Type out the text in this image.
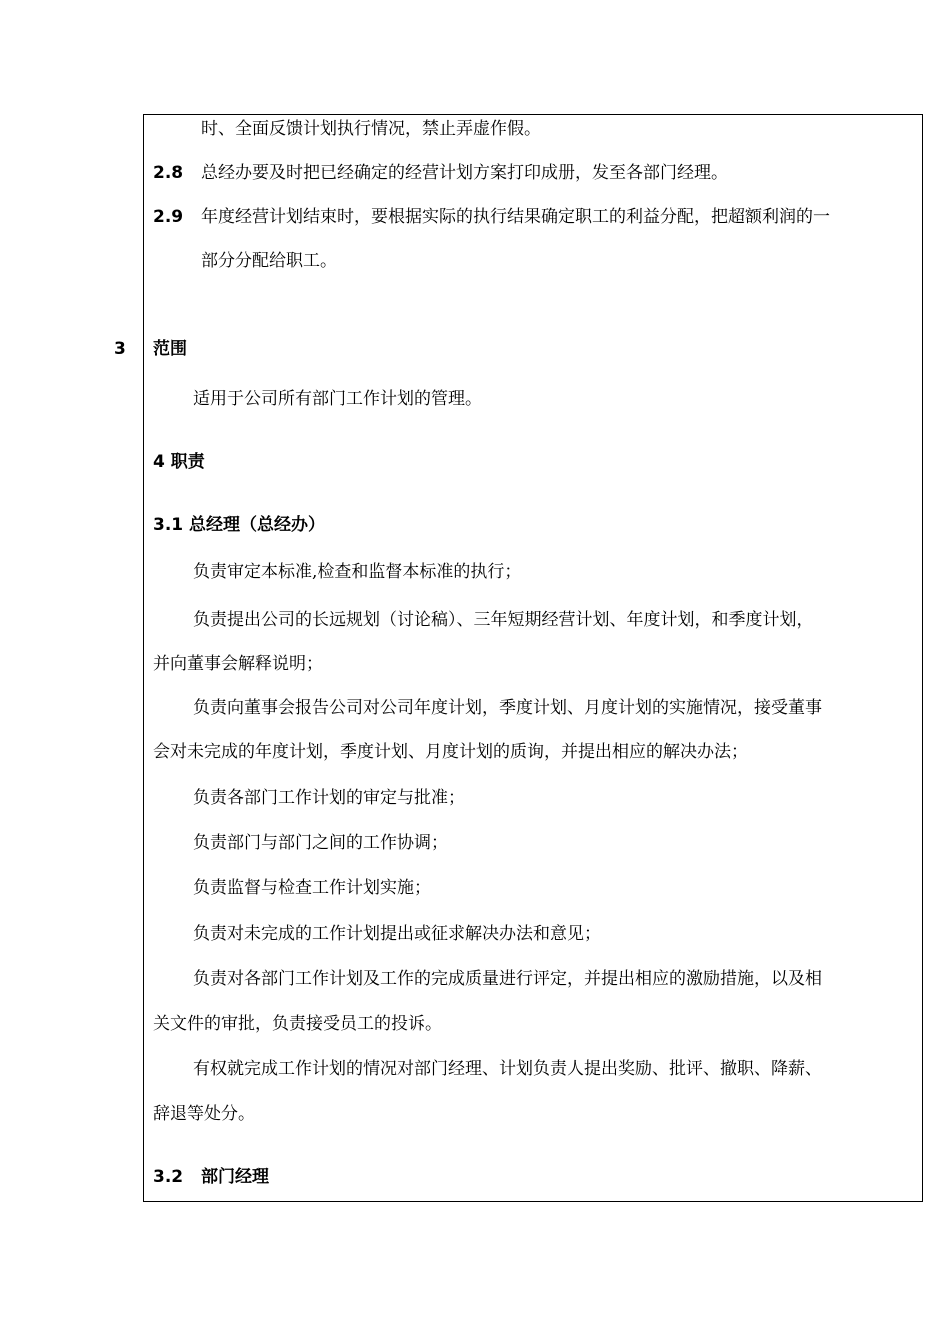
时、全面反馈计划执行情况，禁止弄虚作假。
2.8 总经办要及时把已经确定的经营计划方案打印成册，发至各部门经理。
2.9 年度经营计划结束时，要根据实际的执行结果确定职工的利益分配，把超额利润的一
部分分配给职工。
3 范围
适用于公司所有部门工作计划的管理。
4 职责
3.1 总经理（总经办）
负责审定本标准,检查和监督本标准的执行；
负责提出公司的长远规划（讨论稿）、三年短期经营计划、年度计划，和季度计划，
并向董事会解释说明；
负责向董事会报告公司对公司年度计划，季度计划、月度计划的实施情况，接受董事
会对未完成的年度计划，季度计划、月度计划的质询，并提出相应的解决办法；
负责各部门工作计划的审定与批准；
负责部门与部门之间的工作协调；
负责监督与检查工作计划实施；
负责对未完成的工作计划提出或征求解决办法和意见；
负责对各部门工作计划及工作的完成质量进行评定，并提出相应的激励措施，以及相
关文件的审批，负责接受员工的投诉。
有权就完成工作计划的情况对部门经理、计划负责人提出奖励、批评、撤职、降薪、
辞退等处分。
3.2 部门经理
